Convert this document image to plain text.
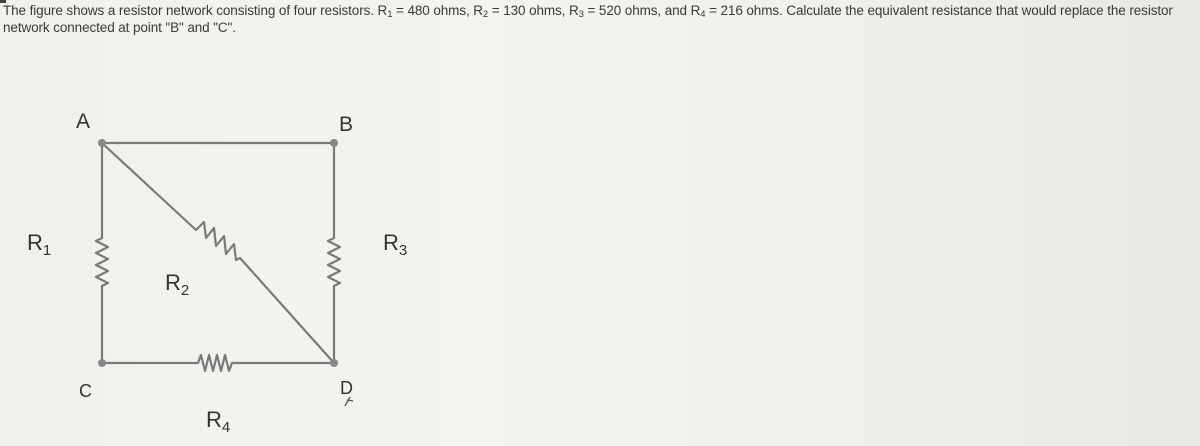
The figure shows a resistor network consisting of four resistors. $R_1 = 480$ ohms, $R_2 = 130$ ohms, $R_3 = 520$ ohms, and $R_4 = 216$ ohms. Calculate the equivalent resistance that would replace the resistor network connected at point "B" and "C".
A	B
C	D
$R_1$
$R_2$
$R_3$
$R_4$
